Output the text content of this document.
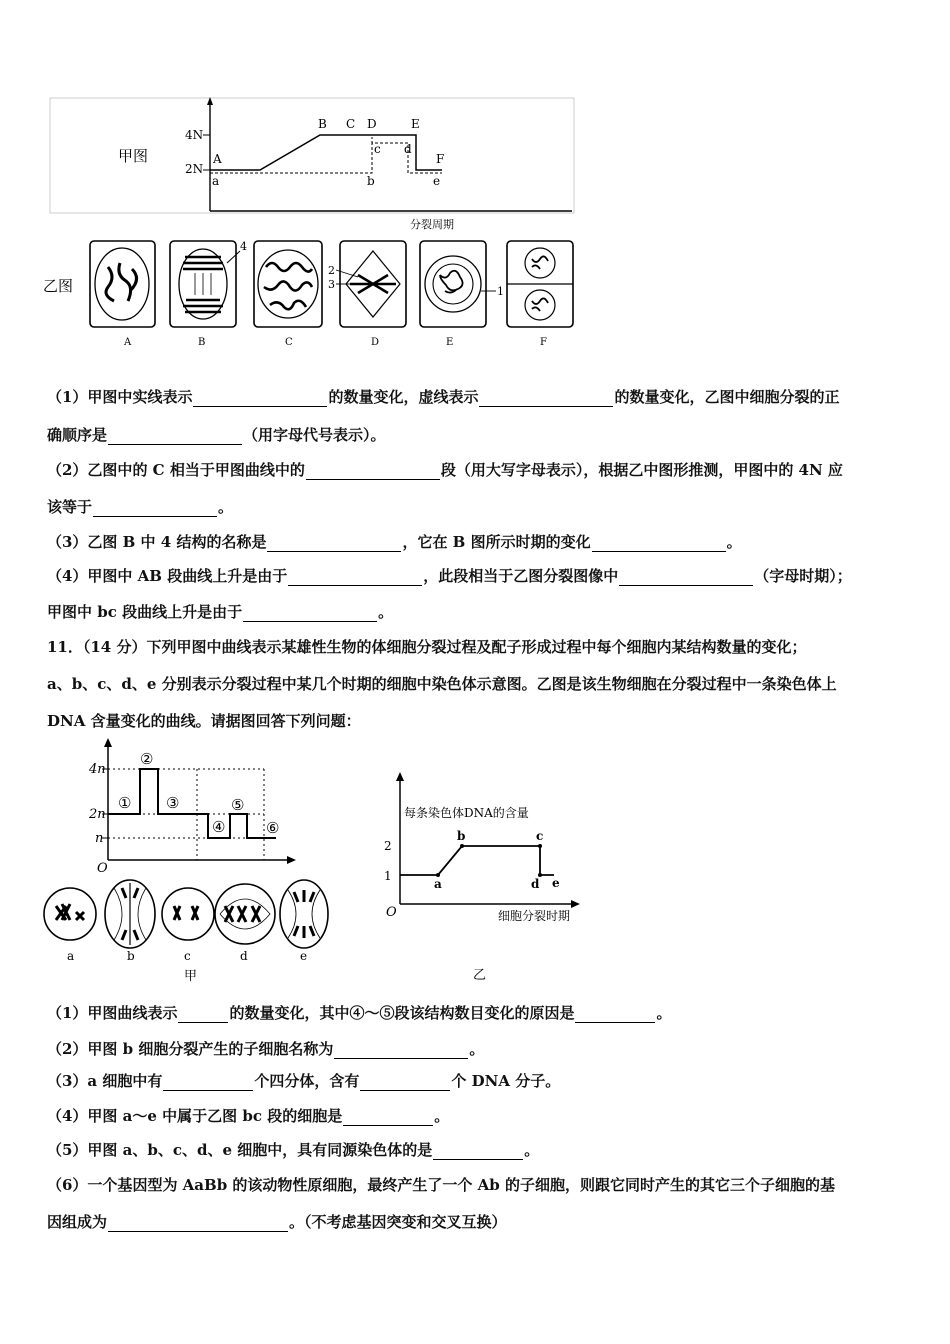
甲图
4N
2N
A
B C D	E
F
a	b
c d
e
分裂周期
乙图
4
2
3
1
A	B	C	D	E	F
（1）甲图中实线表示	的数量变化，虚线表示	的数量变化，乙图中细胞分裂的正
确顺序是	（用字母代号表示）。
（2）乙图中的 C 相当于甲图曲线中的	段（用大写字母表示），根据乙中图形推测，甲图中的 4N 应
该等于	。
（3）乙图 B 中 4 结构的名称是	，它在 B 图所示时期的变化	。
（4）甲图中 AB 段曲线上升是由于	，此段相当于乙图分裂图像中	（字母时期）；
甲图中 bc 段曲线上升是由于	。
11．（14 分）下列甲图中曲线表示某雄性生物的体细胞分裂过程及配子形成过程中每个细胞内某结构数量的变化；
a、b、c、d、e 分别表示分裂过程中某几个时期的细胞中染色体示意图。乙图是该生物细胞在分裂过程中一条染色体上
DNA 含量变化的曲线。请据图回答下列问题：
4n
2n
n
O
①
②
③
④
⑤
⑥
a	b	c	d	e
甲
每条染色体DNA的含量
2
1
O
a
b	c
d e
细胞分裂时期
乙
（1）甲图曲线表示	的数量变化，其中④～⑤段该结构数目变化的原因是	。
（2）甲图 b 细胞分裂产生的子细胞名称为	。
（3）a 细胞中有	个四分体，含有	个 DNA 分子。
（4）甲图 a～e 中属于乙图 bc 段的细胞是	。
（5）甲图 a、b、c、d、e 细胞中，具有同源染色体的是	。
（6）一个基因型为 AaBb 的该动物性原细胞，最终产生了一个 Ab 的子细胞，则跟它同时产生的其它三个子细胞的基
因组成为	。（不考虑基因突变和交叉互换）
